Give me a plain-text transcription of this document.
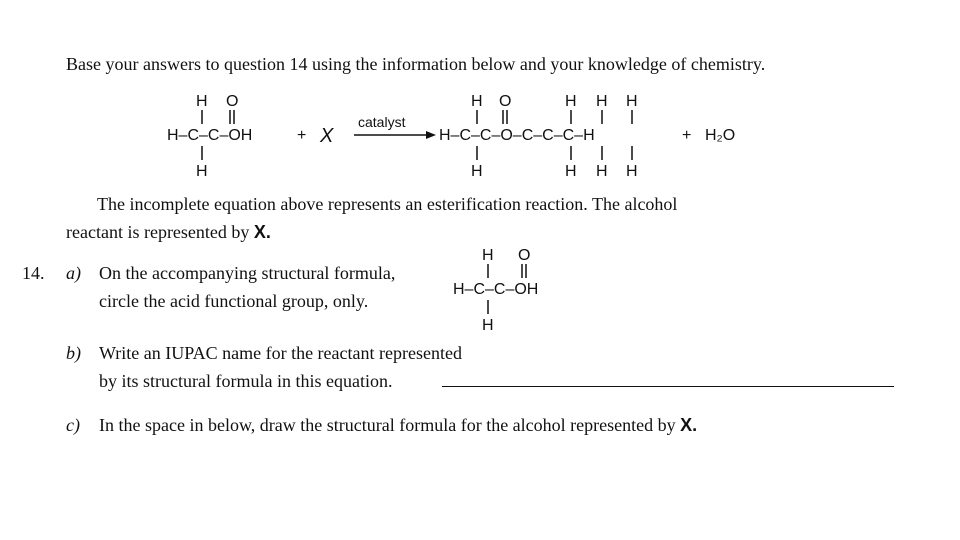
Base your answers to question 14 using the information below and your knowledge of chemistry.
H O
H–C–C–OH
H
+ X
catalyst
H O	H H H
H–C–C–O–C–C–C–H
H	H H H
+ H₂O
The incomplete equation above represents an esterification reaction. The alcohol
reactant is represented by X.
14. a) On the accompanying structural formula,
circle the acid functional group, only.
H O
H–C–C–OH
H
b) Write an IUPAC name for the reactant represented
by its structural formula in this equation.
c) In the space in below, draw the structural formula for the alcohol represented by X.
